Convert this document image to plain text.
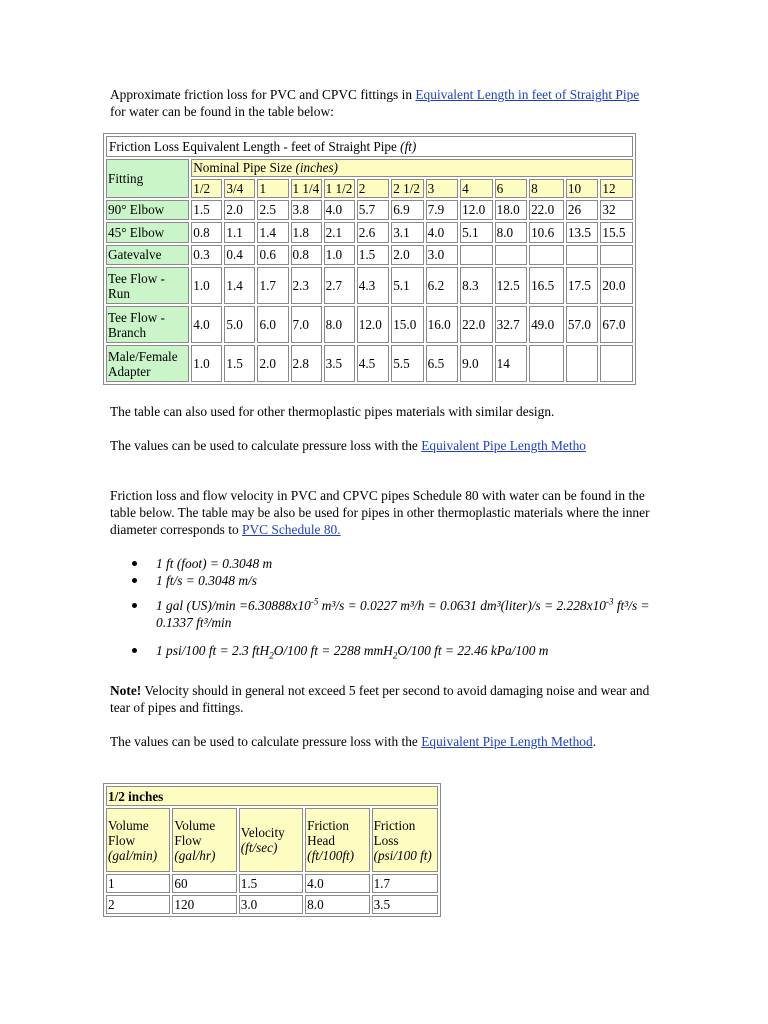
Approximate friction loss for PVC and CPVC fittings in Equivalent Length in feet of Straight Pipe for water can be found in the table below:

Friction Loss Equivalent Length - feet of Straight Pipe (ft)													
Fitting	Nominal Pipe Size (inches)												
	1/2	3/4	1	1 1/4	1 1/2	2	2 1/2	3	4	6	8	10	12
90° Elbow	1.5	2.0	2.5	3.8	4.0	5.7	6.9	7.9	12.0	18.0	22.0	26	32
45° Elbow	0.8	1.1	1.4	1.8	2.1	2.6	3.1	4.0	5.1	8.0	10.6	13.5	15.5
Gatevalve	0.3	0.4	0.6	0.8	1.0	1.5	2.0	3.0					
Tee Flow - Run	1.0	1.4	1.7	2.3	2.7	4.3	5.1	6.2	8.3	12.5	16.5	17.5	20.0
Tee Flow - Branch	4.0	5.0	6.0	7.0	8.0	12.0	15.0	16.0	22.0	32.7	49.0	57.0	67.0
Male/Female Adapter	1.0	1.5	2.0	2.8	3.5	4.5	5.5	6.5	9.0	14			

The table can also used for other thermoplastic pipes materials with similar design.

The values can be used to calculate pressure loss with the Equivalent Pipe Length Metho

Friction loss and flow velocity in PVC and CPVC pipes Schedule 80 with water can be found in the table below. The table may be also be used for pipes in other thermoplastic materials where the inner diameter corresponds to PVC Schedule 80.

1 ft (foot) = 0.3048 m
1 ft/s = 0.3048 m/s
1 gal $(US)/\min =6.30888x10^{-5}$ m³/s = 0.0227 m³/h = 0.0631 dm³(liter)/s = $2.228x10^{-3}$ ft³/s = 0.1337 ft³/min
1 psi/100 ft = 2.3 ftH$_2$O/100 ft = 2288 mmH$_2$O/100 ft = 22.46 kPa/100 m

Note! Velocity should in general not exceed 5 feet per second to avoid damaging noise and wear and tear of pipes and fittings.

The values can be used to calculate pressure loss with the Equivalent Pipe Length Method.

1/2 inches				
Volume Flow
(gal/min)	Volume Flow
(gal/hr)	Velocity
(ft/sec)	Friction Head
(ft/100ft)	Friction Loss
(psi/100 ft)
1	60	1.5	4.0	1.7
2	120	3.0	8.0	3.5
